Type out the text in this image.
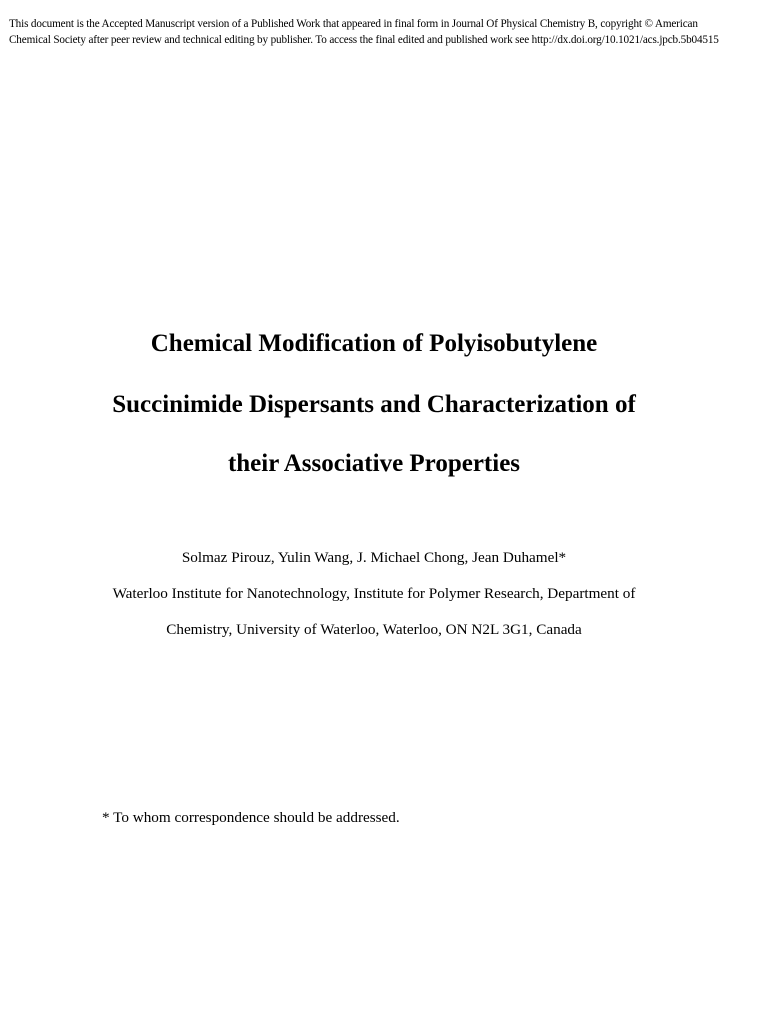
This document is the Accepted Manuscript version of a Published Work that appeared in final form in Journal Of Physical Chemistry B, copyright © American
Chemical Society after peer review and technical editing by publisher. To access the final edited and published work see http://dx.doi.org/10.1021/acs.jpcb.5b04515
Chemical Modification of Polyisobutylene
Succinimide Dispersants and Characterization of
their Associative Properties
Solmaz Pirouz, Yulin Wang, J. Michael Chong, Jean Duhamel*
Waterloo Institute for Nanotechnology, Institute for Polymer Research, Department of
Chemistry, University of Waterloo, Waterloo, ON N2L 3G1, Canada
* To whom correspondence should be addressed.
